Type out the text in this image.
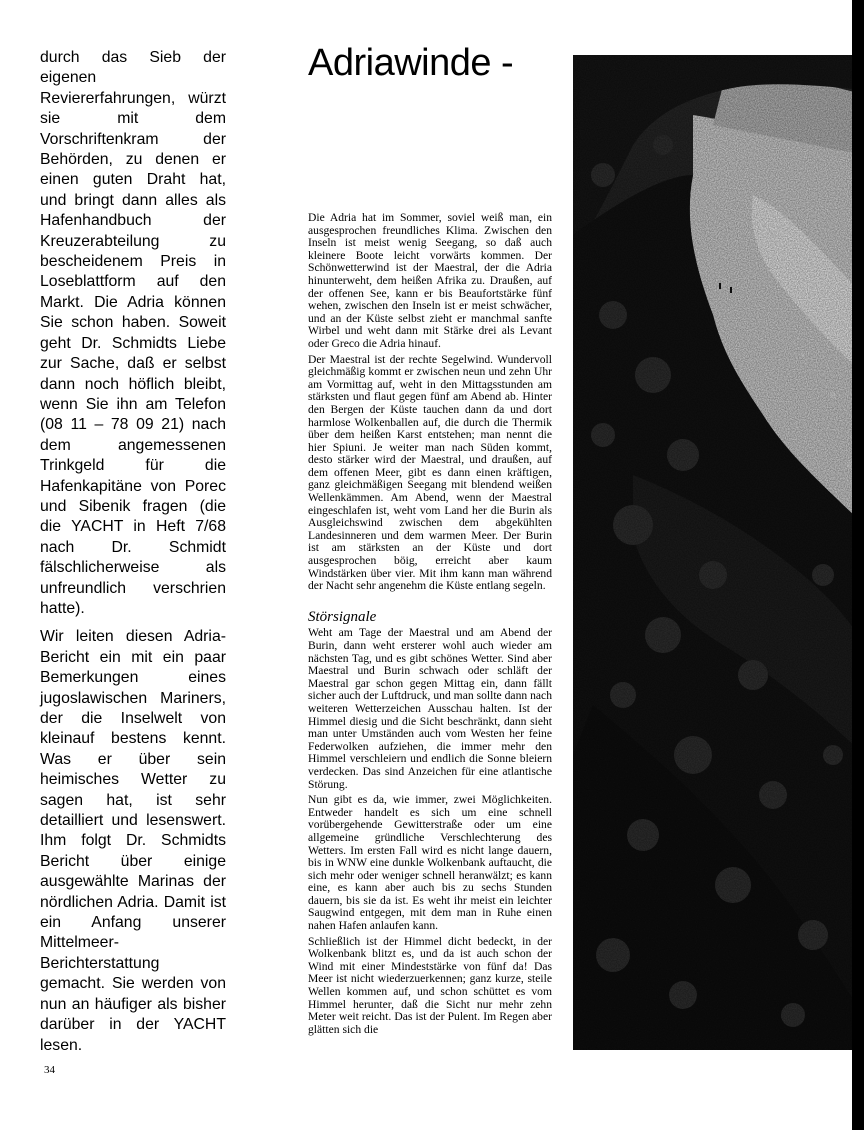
durch das Sieb der eigenen Reviererfahrungen, würzt sie mit dem Vorschriftenkram der Behörden, zu denen er einen guten Draht hat, und bringt dann alles als Hafenhandbuch der Kreuzerabteilung zu bescheidenem Preis in Loseblattform auf den Markt. Die Adria können Sie schon haben. Soweit geht Dr. Schmidts Liebe zur Sache, daß er selbst dann noch höflich bleibt, wenn Sie ihn am Telefon (08 11 – 78 09 21) nach dem angemessenen Trinkgeld für die Hafenkapitäne von Porec und Sibenik fragen (die die YACHT in Heft 7/68 nach Dr. Schmidt fälschlicherweise als unfreundlich verschrien hatte).

Wir leiten diesen Adria-Bericht ein mit ein paar Bemerkungen eines jugoslawischen Mariners, der die Inselwelt von kleinauf bestens kennt. Was er über sein heimisches Wetter zu sagen hat, ist sehr detailliert und lesenswert. Ihm folgt Dr. Schmidts Bericht über einige ausgewählte Marinas der nördlichen Adria. Damit ist ein Anfang unserer Mittelmeer-Berichterstattung gemacht. Sie werden von nun an häufiger als bisher darüber in der YACHT lesen.

34
Adriawinde -

Die Adria hat im Sommer, soviel weiß man, ein ausgesprochen freundliches Klima. Zwischen den Inseln ist meist wenig Seegang, so daß auch kleinere Boote leicht vorwärts kommen. Der Schönwetterwind ist der Maestral, der die Adria hinunterweht, dem heißen Afrika zu. Draußen, auf der offenen See, kann er bis Beaufortstärke fünf wehen, zwischen den Inseln ist er meist schwächer, und an der Küste selbst zieht er manchmal sanfte Wirbel und weht dann mit Stärke drei als Levant oder Greco die Adria hinauf.

Der Maestral ist der rechte Segelwind. Wundervoll gleichmäßig kommt er zwischen neun und zehn Uhr am Vormittag auf, weht in den Mittagsstunden am stärksten und flaut gegen fünf am Abend ab. Hinter den Bergen der Küste tauchen dann da und dort harmlose Wolkenballen auf, die durch die Thermik über dem heißen Karst entstehen; man nennt die hier Spiuni. Je weiter man nach Süden kommt, desto stärker wird der Maestral, und draußen, auf dem offenen Meer, gibt es dann einen kräftigen, ganz gleichmäßigen Seegang mit blendend weißen Wellenkämmen. Am Abend, wenn der Maestral eingeschlafen ist, weht vom Land her die Burin als Ausgleichswind zwischen dem abgekühlten Landesinneren und dem warmen Meer. Der Burin ist am stärksten an der Küste und dort ausgesprochen böig, erreicht aber kaum Windstärken über vier. Mit ihm kann man während der Nacht sehr angenehm die Küste entlang segeln.

Störsignale

Weht am Tage der Maestral und am Abend der Burin, dann weht ersterer wohl auch wieder am nächsten Tag, und es gibt schönes Wetter. Sind aber Maestral und Burin schwach oder schläft der Maestral gar schon gegen Mittag ein, dann fällt sicher auch der Luftdruck, und man sollte dann nach weiteren Wetterzeichen Ausschau halten. Ist der Himmel diesig und die Sicht beschränkt, dann sieht man unter Umständen auch vom Westen her feine Federwolken aufziehen, die immer mehr den Himmel verschleiern und endlich die Sonne bleiern verdecken. Das sind Anzeichen für eine atlantische Störung.

Nun gibt es da, wie immer, zwei Möglichkeiten. Entweder handelt es sich um eine schnell vorübergehende Gewitterstraße oder um eine allgemeine gründliche Verschlechterung des Wetters. Im ersten Fall wird es nicht lange dauern, bis in WNW eine dunkle Wolkenbank auftaucht, die sich mehr oder weniger schnell heranwälzt; es kann eine, es kann aber auch bis zu sechs Stunden dauern, bis sie da ist. Es weht ihr meist ein leichter Saugwind entgegen, mit dem man in Ruhe einen nahen Hafen anlaufen kann.

Schließlich ist der Himmel dicht bedeckt, in der Wolkenbank blitzt es, und da ist auch schon der Wind mit einer Mindeststärke von fünf da! Das Meer ist nicht wiederzuerkennen; ganz kurze, steile Wellen kommen auf, und schon schüttet es vom Himmel herunter, daß die Sicht nur mehr zehn Meter weit reicht. Das ist der Pulent. Im Regen aber glätten sich die
